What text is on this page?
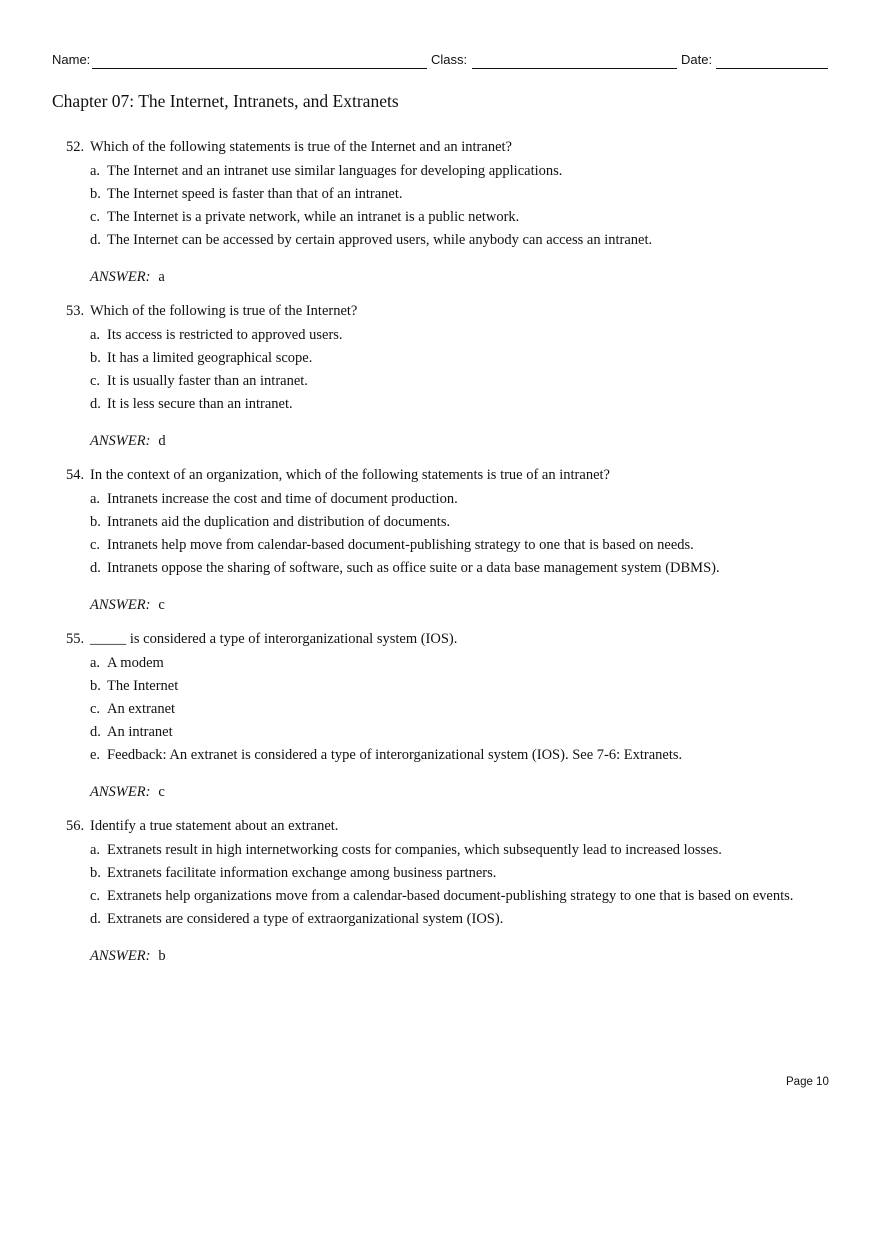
Name:	Class:	Date:
Chapter 07: The Internet, Intranets, and Extranets
52. Which of the following statements is true of the Internet and an intranet?
a. The Internet and an intranet use similar languages for developing applications.
b. The Internet speed is faster than that of an intranet.
c. The Internet is a private network, while an intranet is a public network.
d. The Internet can be accessed by certain approved users, while anybody can access an intranet.
ANSWER: a
53. Which of the following is true of the Internet?
a. Its access is restricted to approved users.
b. It has a limited geographical scope.
c. It is usually faster than an intranet.
d. It is less secure than an intranet.
ANSWER: d
54. In the context of an organization, which of the following statements is true of an intranet?
a. Intranets increase the cost and time of document production.
b. Intranets aid the duplication and distribution of documents.
c. Intranets help move from calendar-based document-publishing strategy to one that is based on needs.
d. Intranets oppose the sharing of software, such as office suite or a data base management system (DBMS).
ANSWER: c
55. _____ is considered a type of interorganizational system (IOS).
a. A modem
b. The Internet
c. An extranet
d. An intranet
e. Feedback: An extranet is considered a type of interorganizational system (IOS). See 7-6: Extranets.
ANSWER: c
56. Identify a true statement about an extranet.
a. Extranets result in high internetworking costs for companies, which subsequently lead to increased losses.
b. Extranets facilitate information exchange among business partners.
c. Extranets help organizations move from a calendar-based document-publishing strategy to one that is based on events.
d. Extranets are considered a type of extraorganizational system (IOS).
ANSWER: b
Page 10
